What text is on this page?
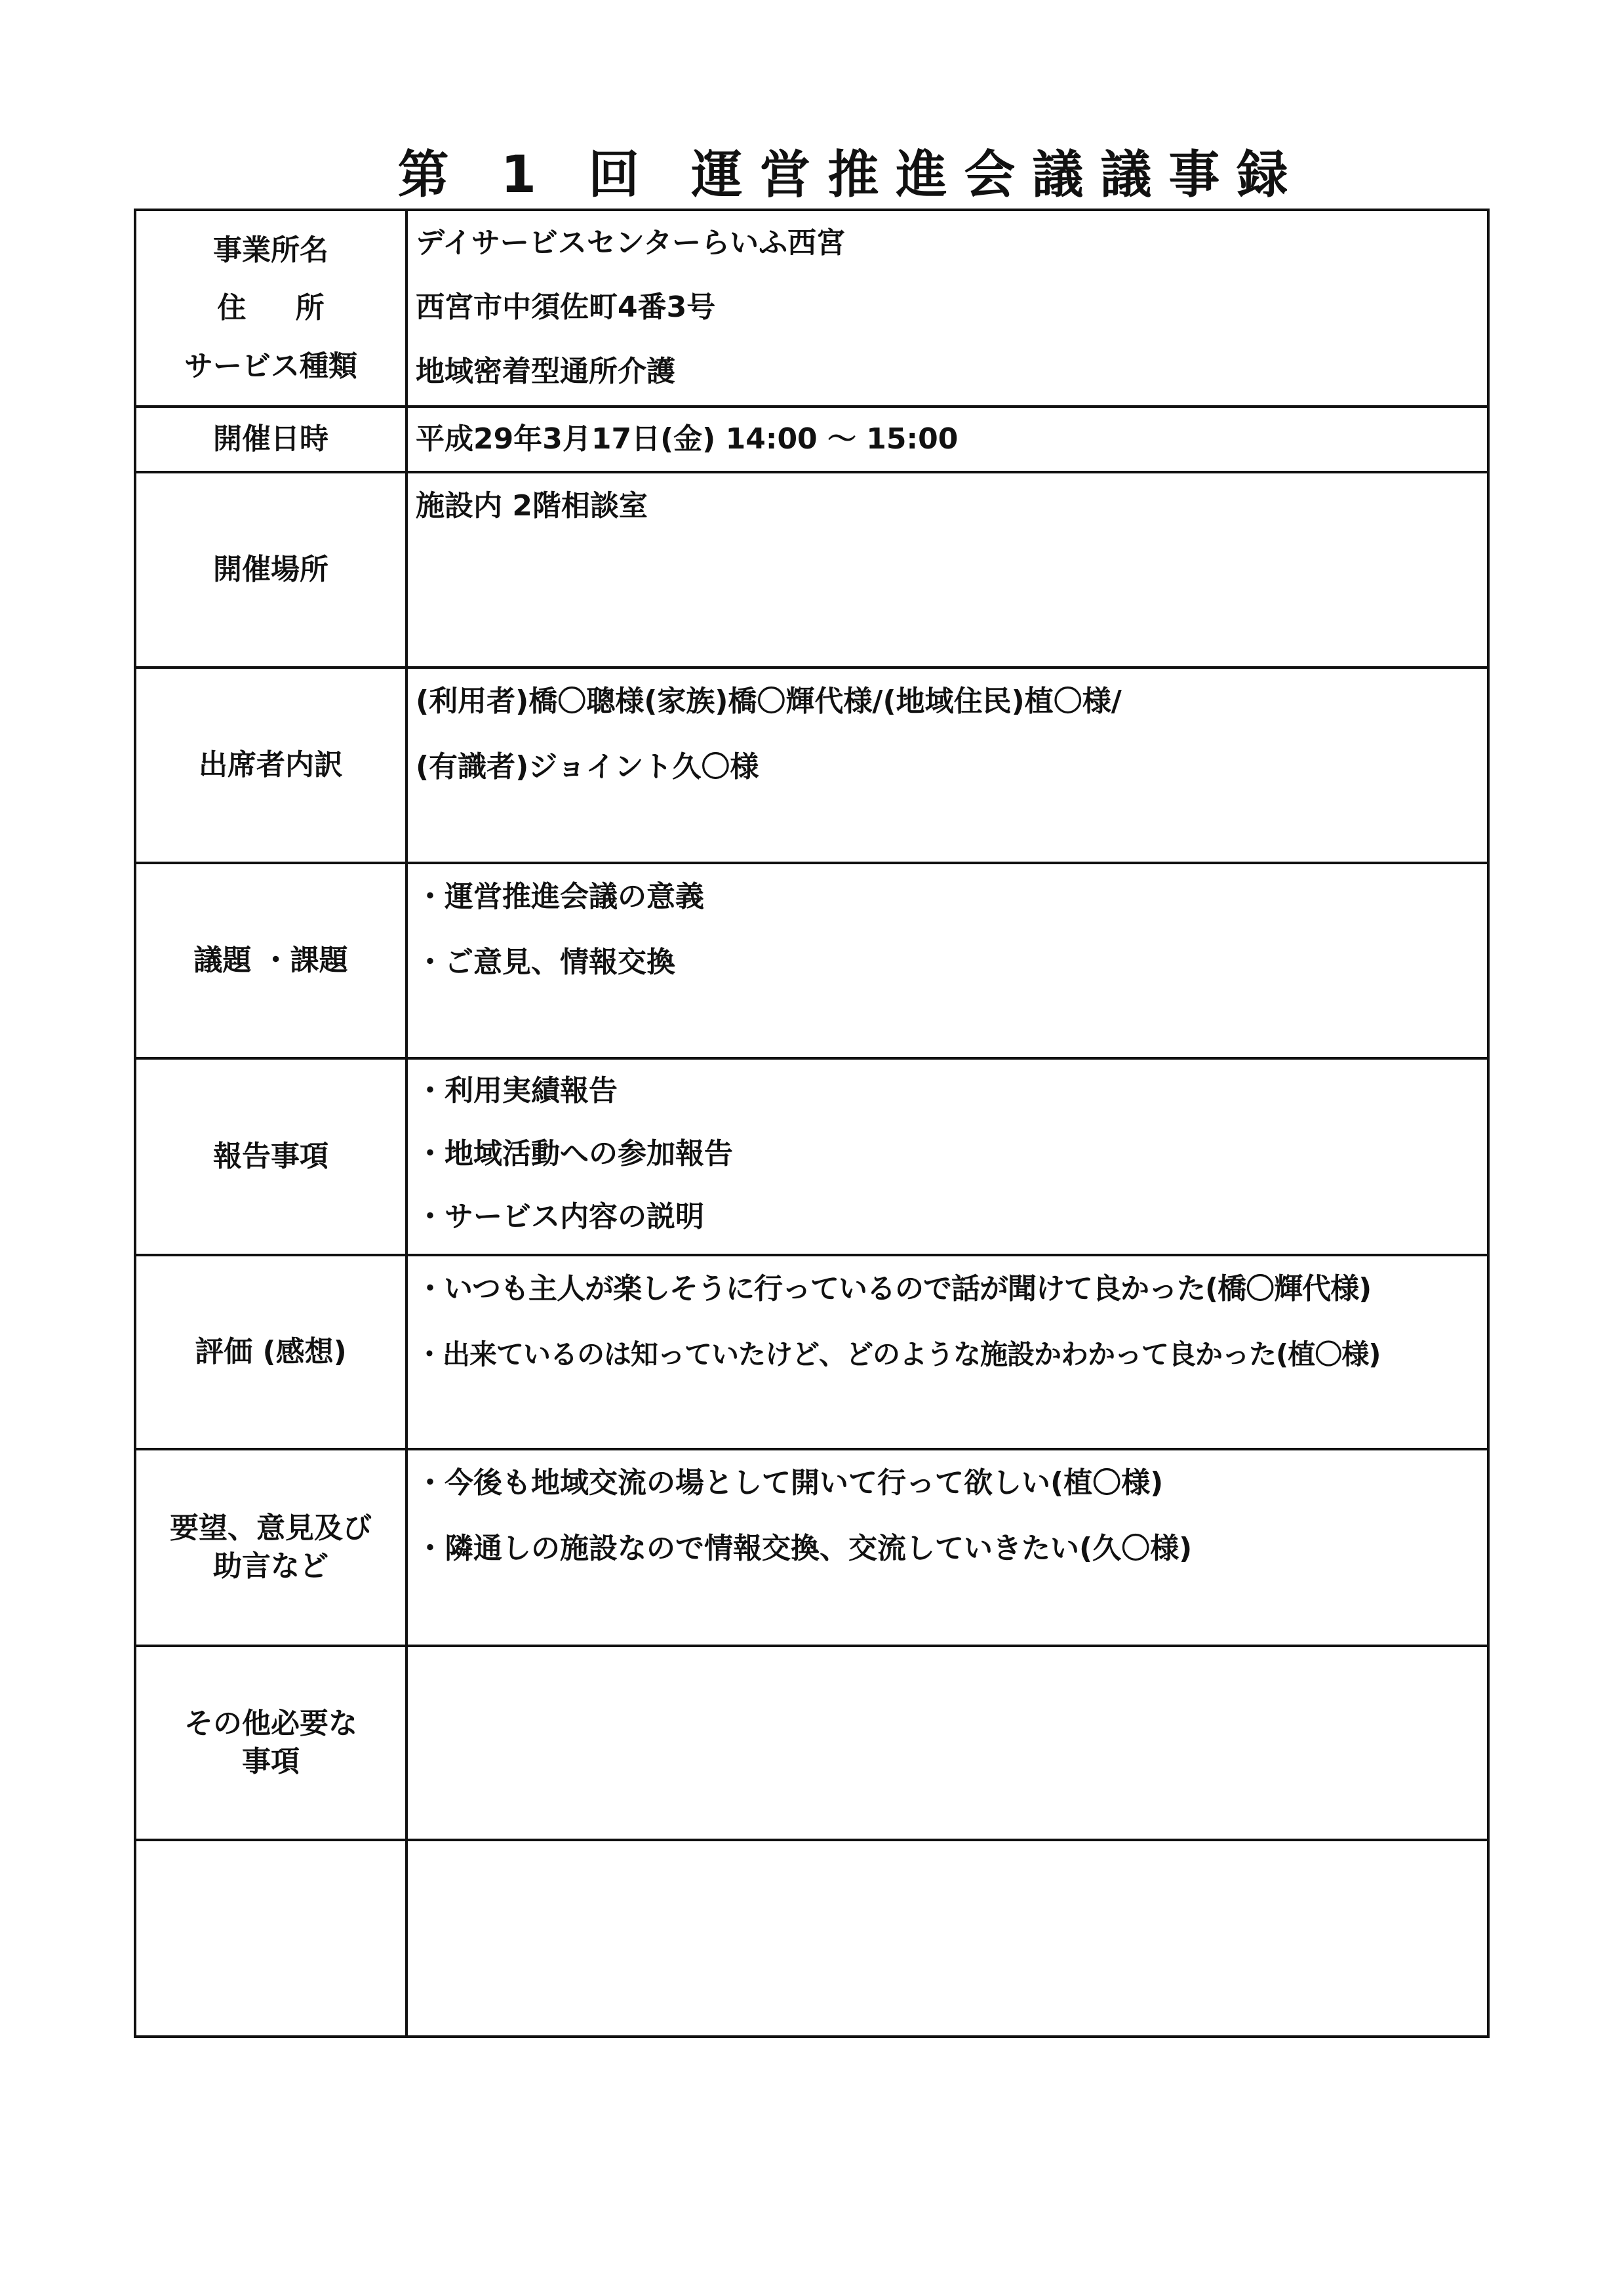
第 1 回 運営推進会議議事録
事業所名
住 所
サービス種類
デイサービスセンターらいふ西宮
西宮市中須佐町4番3号
地域密着型通所介護
開催日時	平成29年3月17日(金) 14:00 ～ 15:00
開催場所
施設内 2階相談室
出席者内訳
(利用者)橋〇聰様(家族)橋〇輝代様/(地域住民)植〇様/
(有識者)ジョイント久〇様
議題 ・課題
・運営推進会議の意義
・ご意見、情報交換
報告事項
・利用実績報告
・地域活動への参加報告
・サービス内容の説明
評価 (感想)
・いつも主人が楽しそうに行っているので話が聞けて良かった(橋〇輝代様)
・出来ているのは知っていたけど、どのような施設かわかって良かった(植〇様)
要望、意見及び
助言など
・今後も地域交流の場として開いて行って欲しい(植〇様)
・隣通しの施設なので情報交換、交流していきたい(久〇様)
その他必要な
事項
